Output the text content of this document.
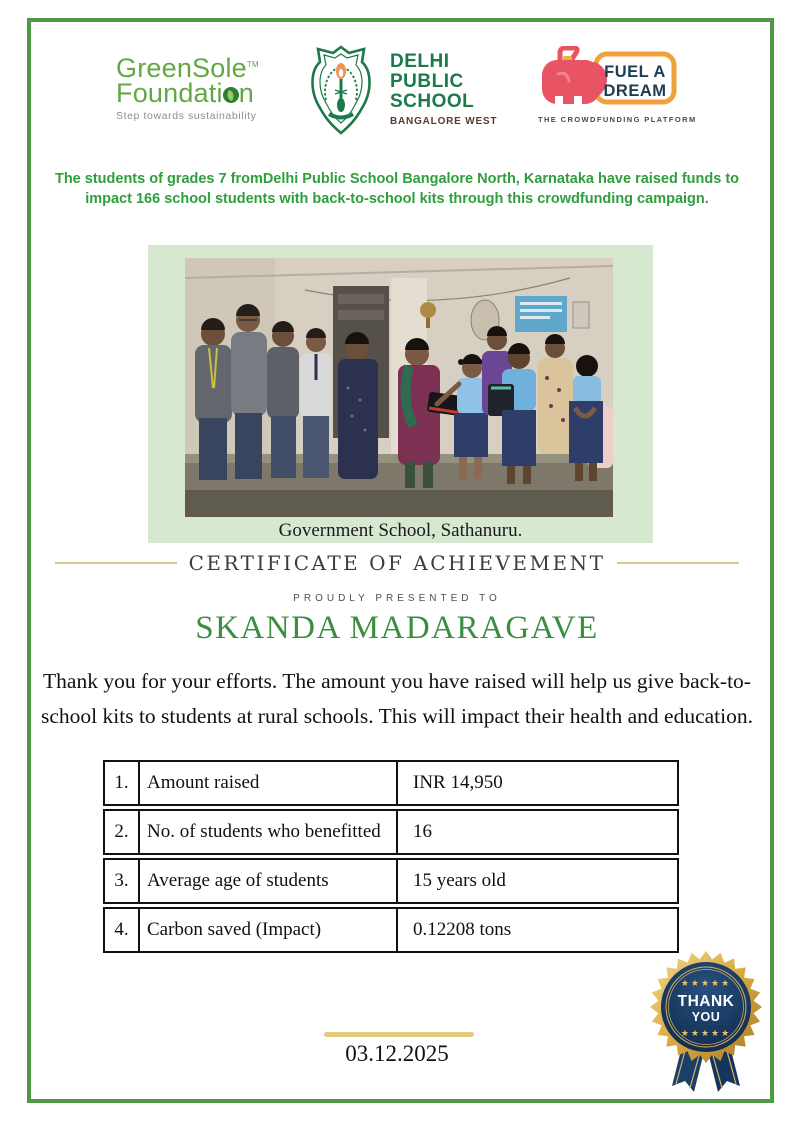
GreenSole™
Foundati n
Step towards sustainability
DELHI
PUBLIC
SCHOOL
BANGALORE WEST
FUEL A
DREAM
THE CROWDFUNDING PLATFORM
The students of grades 7 fromDelhi Public School Bangalore North, Karnataka have raised funds to impact 166 school students with back-to-school kits through this crowdfunding campaign.
Government School, Sathanuru.
CERTIFICATE OF ACHIEVEMENT
PROUDLY PRESENTED TO
SKANDA MADARAGAVE
Thank you for your efforts. The amount you have raised will help us give back-to-school kits to students at rural schools. This will impact their health and education.
1. Amount raised	INR 14,950
2. No. of students who benefitted	16
3. Average age of students	15 years old
4. Carbon saved (Impact)	0.12208 tons
03.12.2025
★★★★★
THANK
YOU
★★★★★
